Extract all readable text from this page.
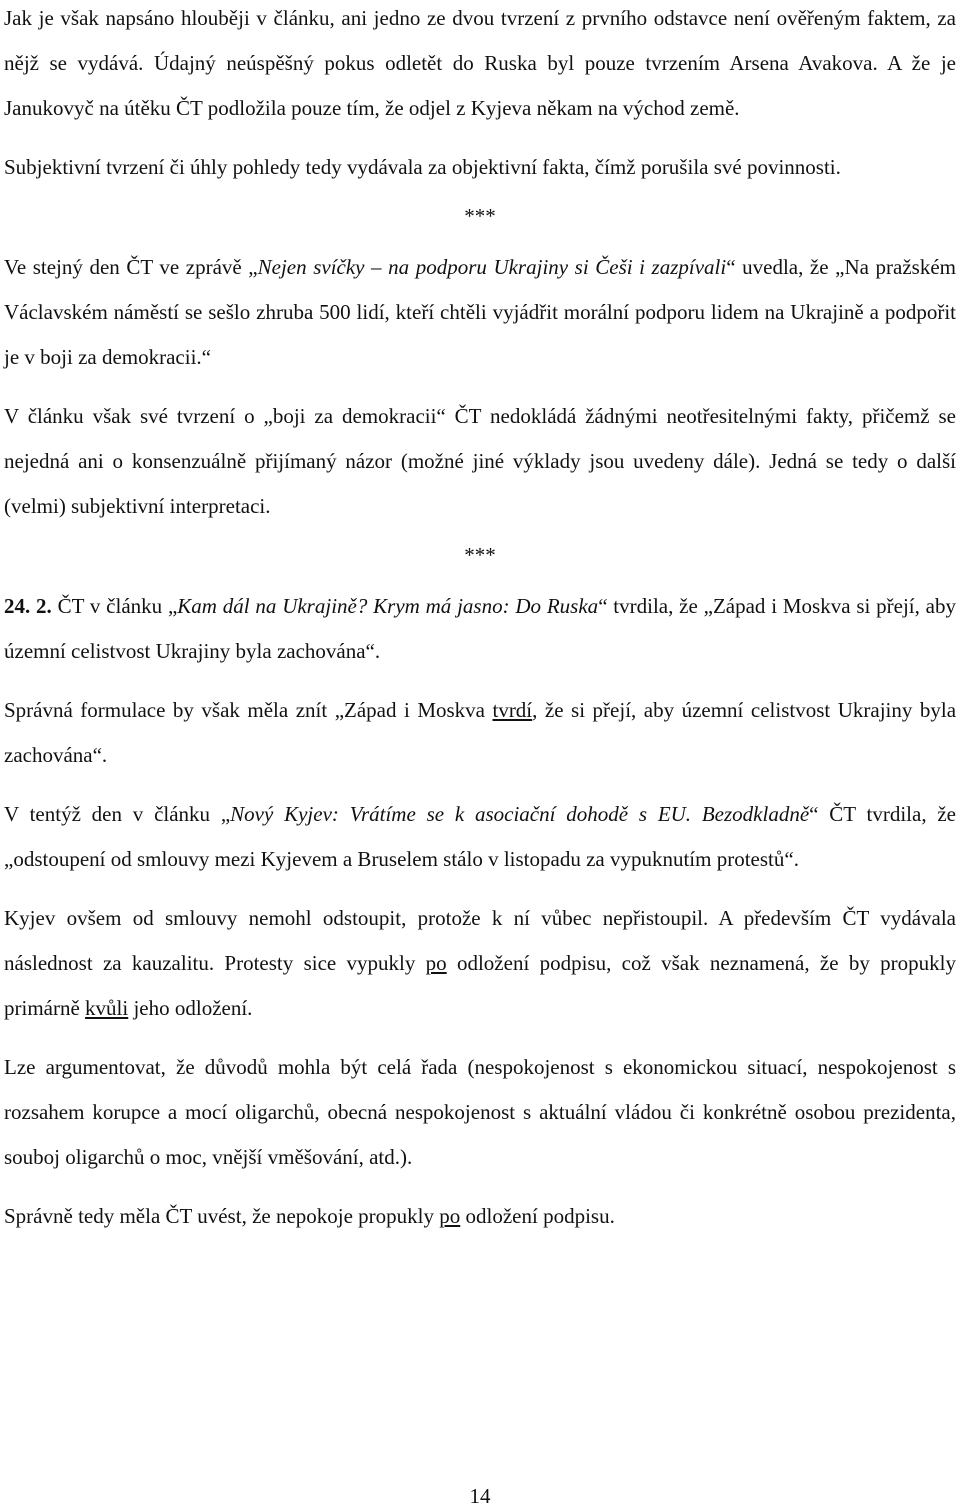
Jak je však napsáno hlouběji v článku, ani jedno ze dvou tvrzení z prvního odstavce není ověřeným faktem, za nějž se vydává. Údajný neúspěšný pokus odletět do Ruska byl pouze tvrzením Arsena Avakova. A že je Janukovyč na útěku ČT podložila pouze tím, že odjel z Kyjeva někam na východ země.

Subjektivní tvrzení či úhly pohledy tedy vydávala za objektivní fakta, čímž porušila své povinnosti.

***

Ve stejný den ČT ve zprávě „Nejen svíčky – na podporu Ukrajiny si Češi i zazpívali“ uvedla, že „Na pražském Václavském náměstí se sešlo zhruba 500 lidí, kteří chtěli vyjádřit morální podporu lidem na Ukrajině a podpořit je v boji za demokracii.“

V článku však své tvrzení o „boji za demokracii“ ČT nedokládá žádnými neotřesitelnými fakty, přičemž se nejedná ani o konsenzuálně přijímaný názor (možné jiné výklady jsou uvedeny dále). Jedná se tedy o další (velmi) subjektivní interpretaci.

***

24. 2. ČT v článku „Kam dál na Ukrajině? Krym má jasno: Do Ruska“ tvrdila, že „Západ i Moskva si přejí, aby územní celistvost Ukrajiny byla zachována“.

Správná formulace by však měla znít „Západ i Moskva tvrdí, že si přejí, aby územní celistvost Ukrajiny byla zachována“.

V tentýž den v článku „Nový Kyjev: Vrátíme se k asociační dohodě s EU. Bezodkladně“ ČT tvrdila, že „odstoupení od smlouvy mezi Kyjevem a Bruselem stálo v listopadu za vypuknutím protestů“.

Kyjev ovšem od smlouvy nemohl odstoupit, protože k ní vůbec nepřistoupil. A především ČT vydávala následnost za kauzalitu. Protesty sice vypukly po odložení podpisu, což však neznamená, že by propukly primárně kvůli jeho odložení.

Lze argumentovat, že důvodů mohla být celá řada (nespokojenost s ekonomickou situací, nespokojenost s rozsahem korupce a mocí oligarchů, obecná nespokojenost s aktuální vládou či konkrétně osobou prezidenta, souboj oligarchů o moc, vnější vměšování, atd.).

Správně tedy měla ČT uvést, že nepokoje propukly po odložení podpisu.

14
